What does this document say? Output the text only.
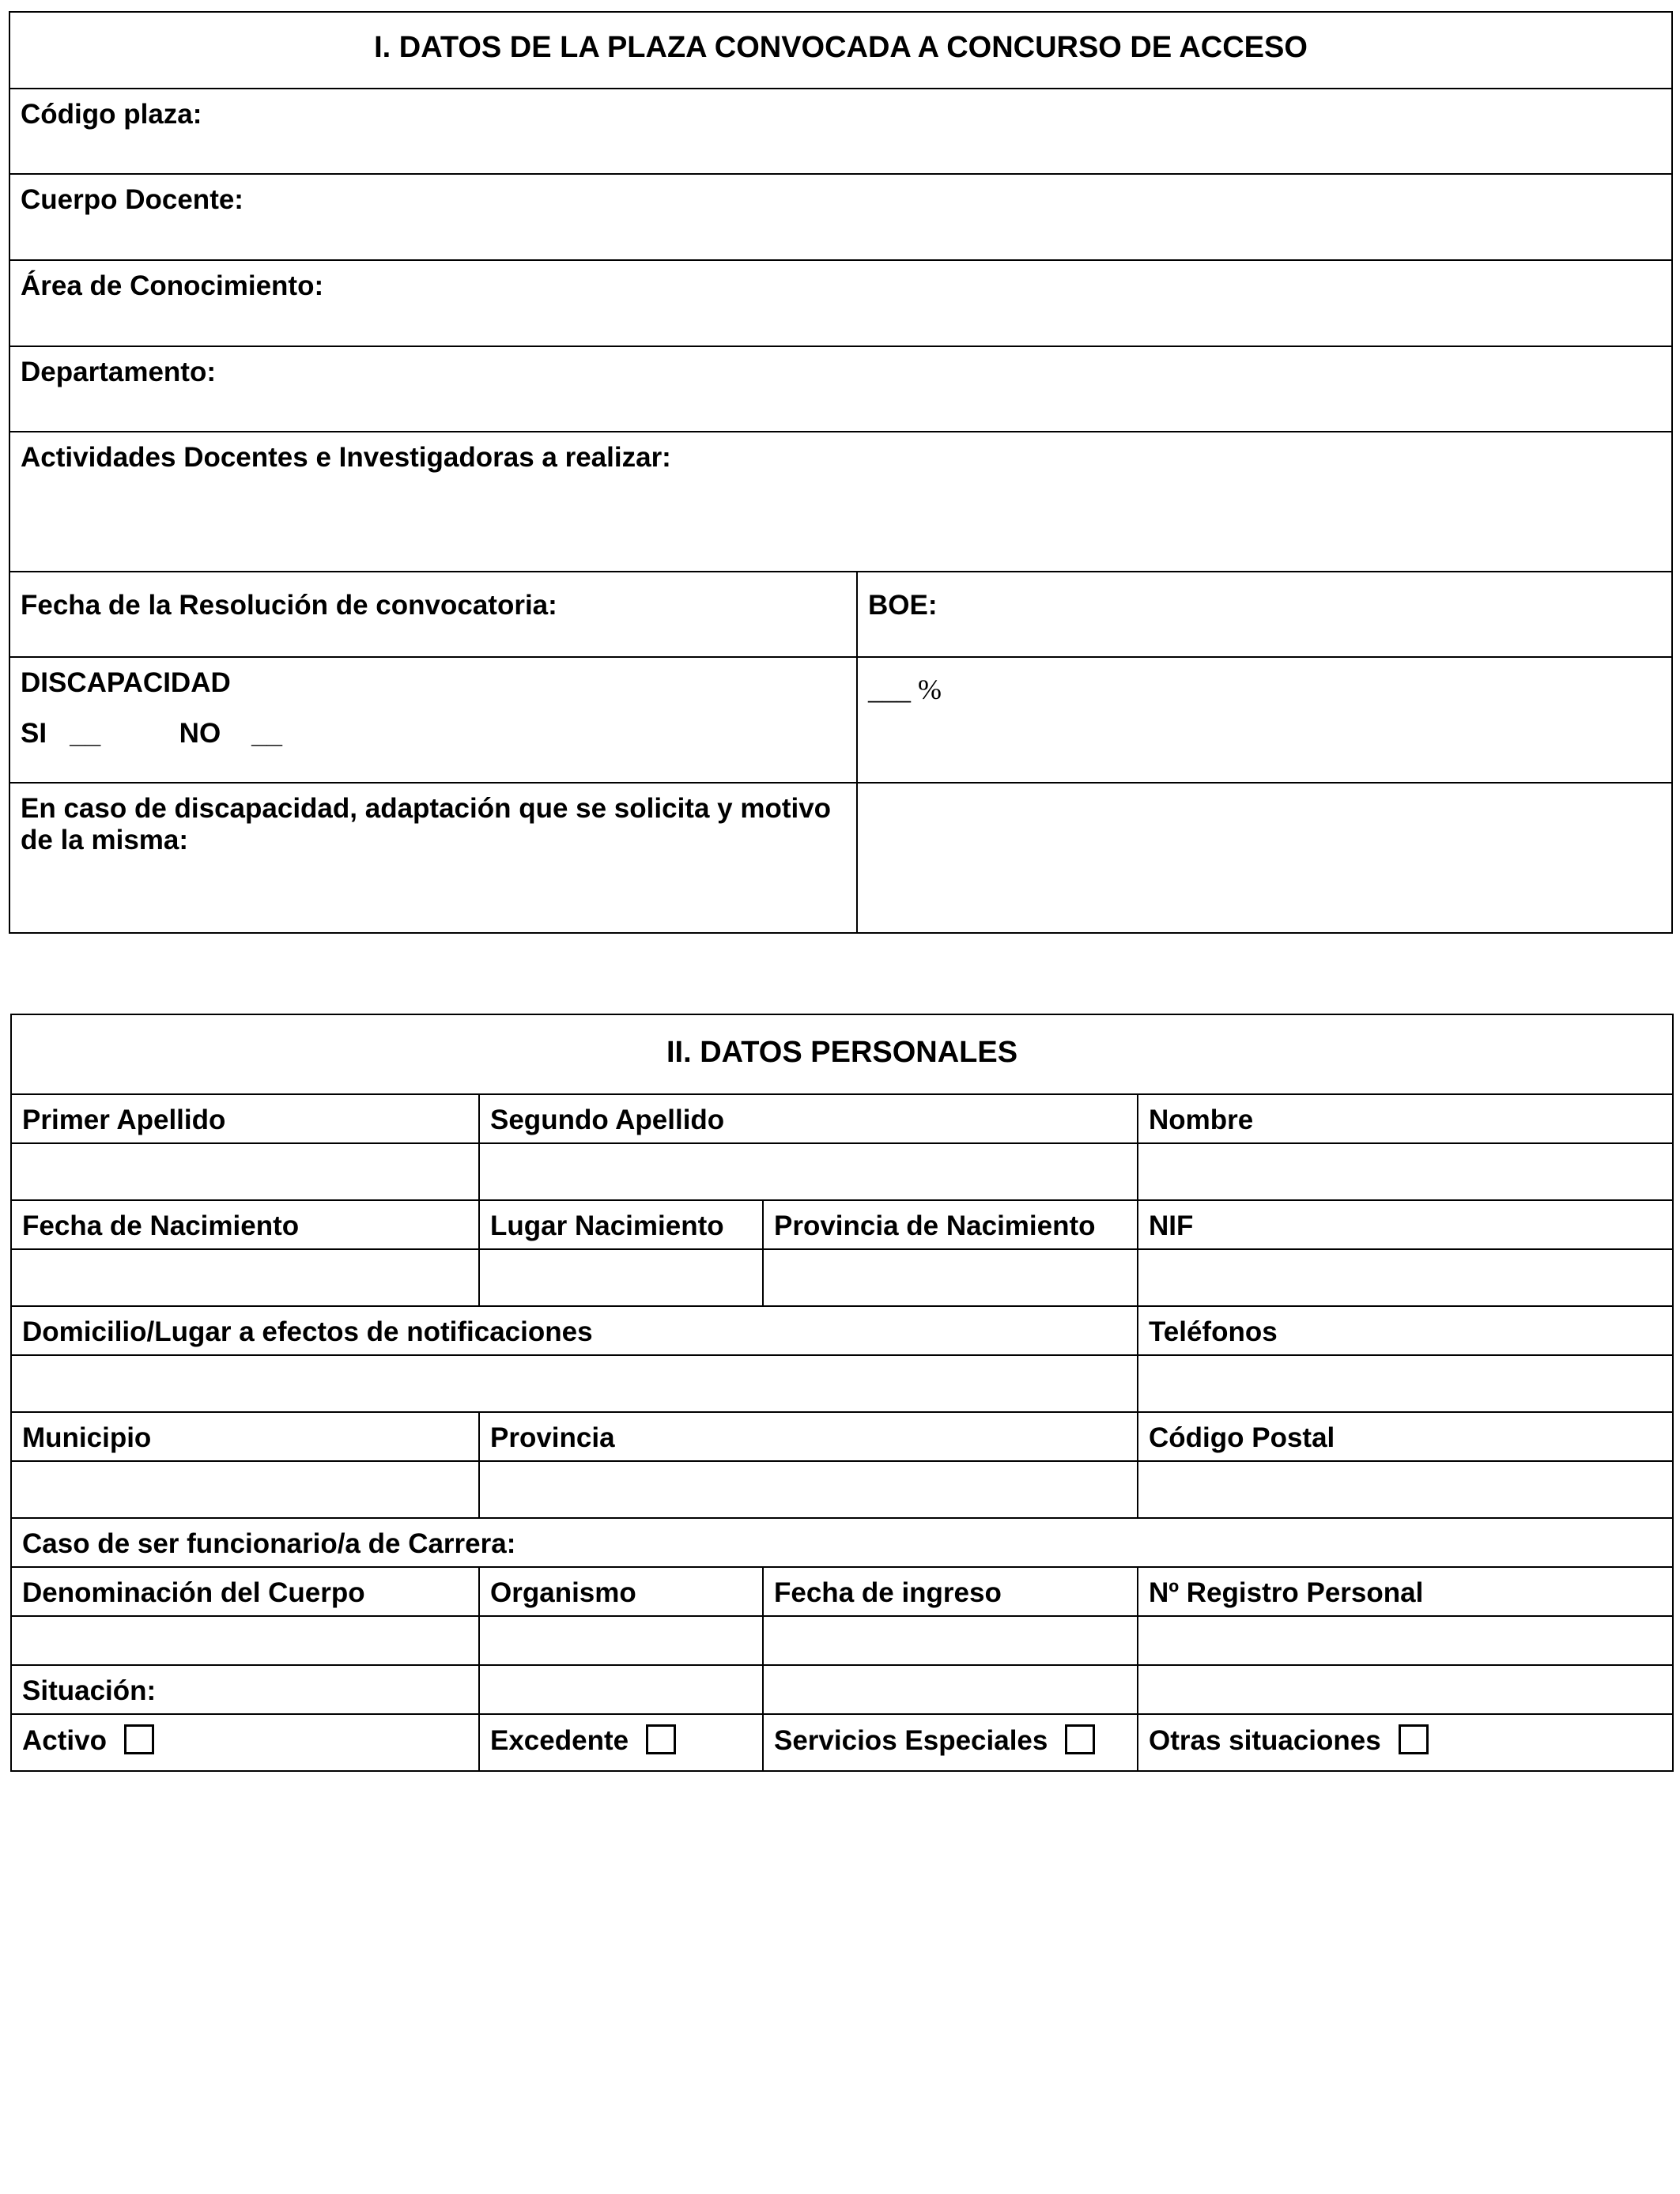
I. DATOS DE LA PLAZA CONVOCADA A CONCURSO DE ACCESO	
Código plaza:	
Cuerpo Docente:	
Área de Conocimiento:	
Departamento:	
Actividades Docentes e Investigadoras a realizar:	
Fecha de la Resolución de convocatoria:	BOE:
DISCAPACIDAD
SI __ NO __	___ %
En caso de discapacidad, adaptación que se solicita y motivo de la misma:	
II. DATOS PERSONALES			
Primer Apellido	Segundo Apellido		Nombre

Fecha de Nacimiento	Lugar Nacimiento	Provincia de Nacimiento	NIF

Domicilio/Lugar a efectos de notificaciones			Teléfonos

Municipio	Provincia		Código Postal

Caso de ser funcionario/a de Carrera:			
Denominación del Cuerpo	Organismo	Fecha de ingreso	Nº Registro Personal

Situación:			
Activo	Excedente	Servicios Especiales	Otras situaciones
